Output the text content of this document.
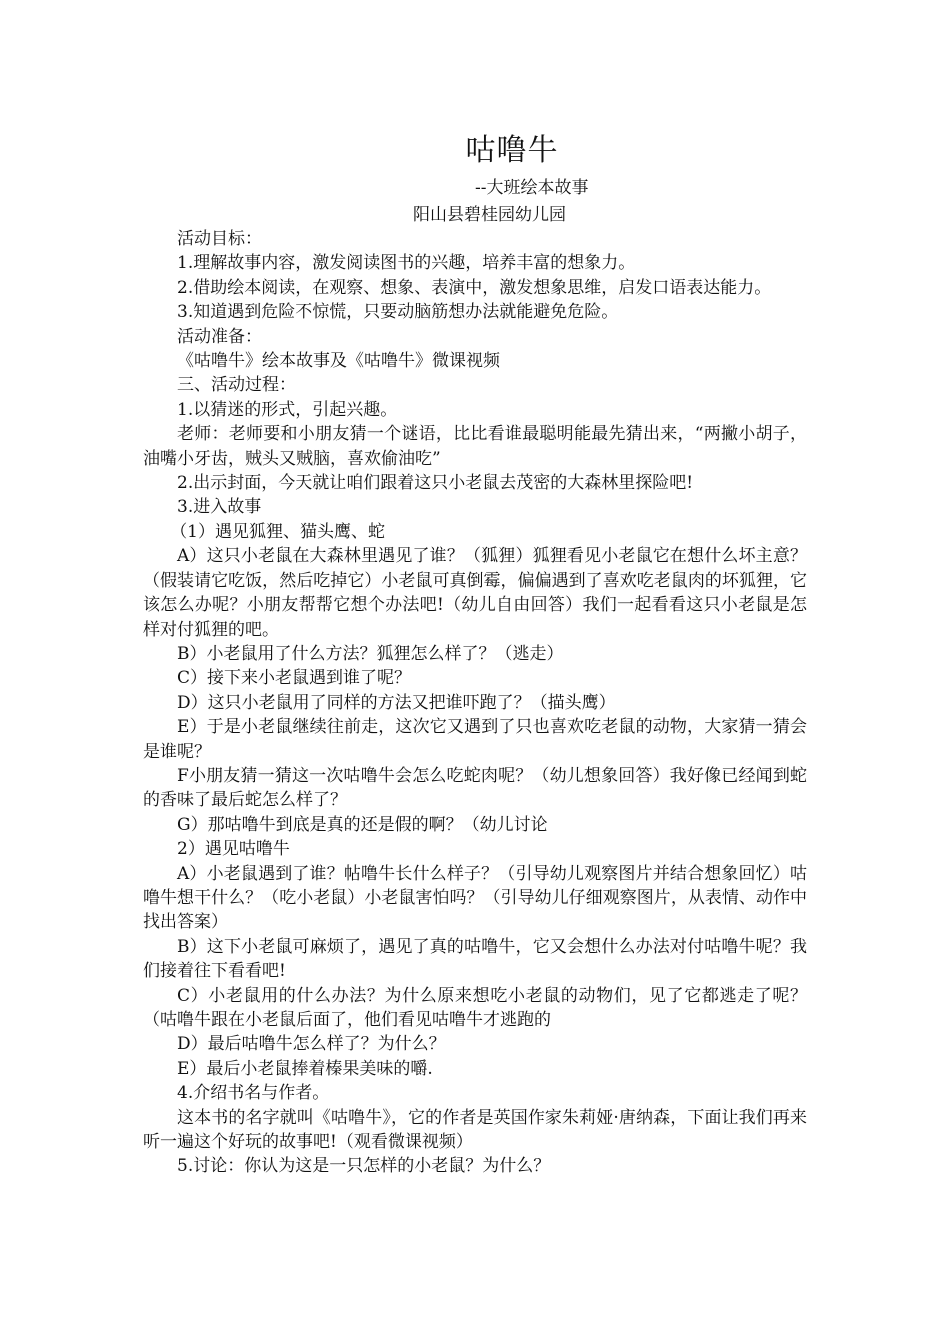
咕噜牛
--大班绘本故事
阳山县碧桂园幼儿园

活动目标：

1.理解故事内容，激发阅读图书的兴趣，培养丰富的想象力。

2.借助绘本阅读，在观察、想象、表演中，激发想象思维，启发口语表达能力。

3.知道遇到危险不惊慌，只要动脑筋想办法就能避免危险。

活动准备：

《咕噜牛》绘本故事及《咕噜牛》微课视频

三、活动过程：

1.以猜迷的形式，引起兴趣。

老师：老师要和小朋友猜一个谜语，比比看谁最聪明能最先猜出来，“两撇小胡子，油嘴小牙齿，贼头又贼脑，喜欢偷油吃”

2.出示封面，今天就让咱们跟着这只小老鼠去茂密的大森林里探险吧!

3.进入故事

（1）遇见狐狸、猫头鹰、蛇

A）这只小老鼠在大森林里遇见了谁？（狐狸）狐狸看见小老鼠它在想什么坏主意？（假装请它吃饭，然后吃掉它）小老鼠可真倒霉，偏偏遇到了喜欢吃老鼠肉的坏狐狸，它该怎么办呢？小朋友帮帮它想个办法吧!（幼儿自由回答）我们一起看看这只小老鼠是怎样对付狐狸的吧。

B）小老鼠用了什么方法？狐狸怎么样了？（逃走）

C）接下来小老鼠遇到谁了呢？

D）这只小老鼠用了同样的方法又把谁吓跑了？（描头鹰）

E）于是小老鼠继续往前走，这次它又遇到了只也喜欢吃老鼠的动物，大家猜一猜会是谁呢？

F小朋友猜一猜这一次咕噜牛会怎么吃蛇肉呢？（幼儿想象回答）我好像已经闻到蛇的香味了最后蛇怎么样了？

G）那咕噜牛到底是真的还是假的啊？（幼儿讨论

2）遇见咕噜牛

A）小老鼠遇到了谁？帖噜牛长什么样子？（引导幼儿观察图片并结合想象回忆）咕噜牛想干什么？（吃小老鼠）小老鼠害怕吗？（引导幼儿仔细观察图片，从表情、动作中找出答案）

B）这下小老鼠可麻烦了，遇见了真的咕噜牛，它又会想什么办法对付咕噜牛呢？我们接着往下看看吧!

C）小老鼠用的什么办法？为什么原来想吃小老鼠的动物们，见了它都逃走了呢？（咕噜牛跟在小老鼠后面了，他们看见咕噜牛才逃跑的

D）最后咕噜牛怎么样了？为什么？

E）最后小老鼠捧着榛果美味的嚼.

4.介绍书名与作者。

这本书的名字就叫《咕噜牛》，它的作者是英国作家朱莉娅·唐纳森，下面让我们再来听一遍这个好玩的故事吧!（观看微课视频）

5.讨论：你认为这是一只怎样的小老鼠？为什么？
